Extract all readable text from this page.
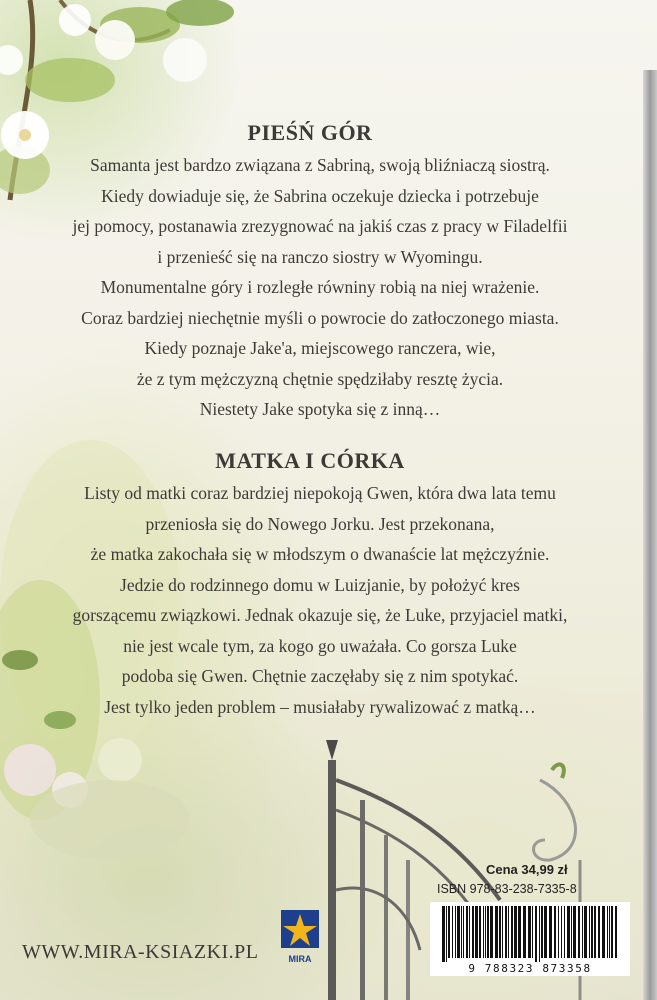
PIEŚŃ GÓR

Samanta jest bardzo związana z Sabriną, swoją bliźniaczą siostrą.
Kiedy dowiaduje się, że Sabrina oczekuje dziecka i potrzebuje
jej pomocy, postanawia zrezygnować na jakiś czas z pracy w Filadelfii
i przenieść się na ranczo siostry w Wyomingu.
Monumentalne góry i rozległe równiny robią na niej wrażenie.
Coraz bardziej niechętnie myśli o powrocie do zatłoczonego miasta.
Kiedy poznaje Jake'a, miejscowego ranczera, wie,
że z tym mężczyzną chętnie spędziłaby resztę życia.
Niestety Jake spotyka się z inną…

MATKA I CÓRKA

Listy od matki coraz bardziej niepokoją Gwen, która dwa lata temu
przeniosła się do Nowego Jorku. Jest przekonana,
że matka zakochała się w młodszym o dwanaście lat mężczyźnie.
Jedzie do rodzinnego domu w Luizjanie, by położyć kres
gorszącemu związkowi. Jednak okazuje się, że Luke, przyjaciel matki,
nie jest wcale tym, za kogo go uważała. Co gorsza Luke
podoba się Gwen. Chętnie zaczęłaby się z nim spotykać.
Jest tylko jeden problem – musiałaby rywalizować z matką…

WWW.MIRA-KSIAZKI.PL	MIRA
Cena 34,99 zł
ISBN 978-83-238-7335-8
9 788323 873358
